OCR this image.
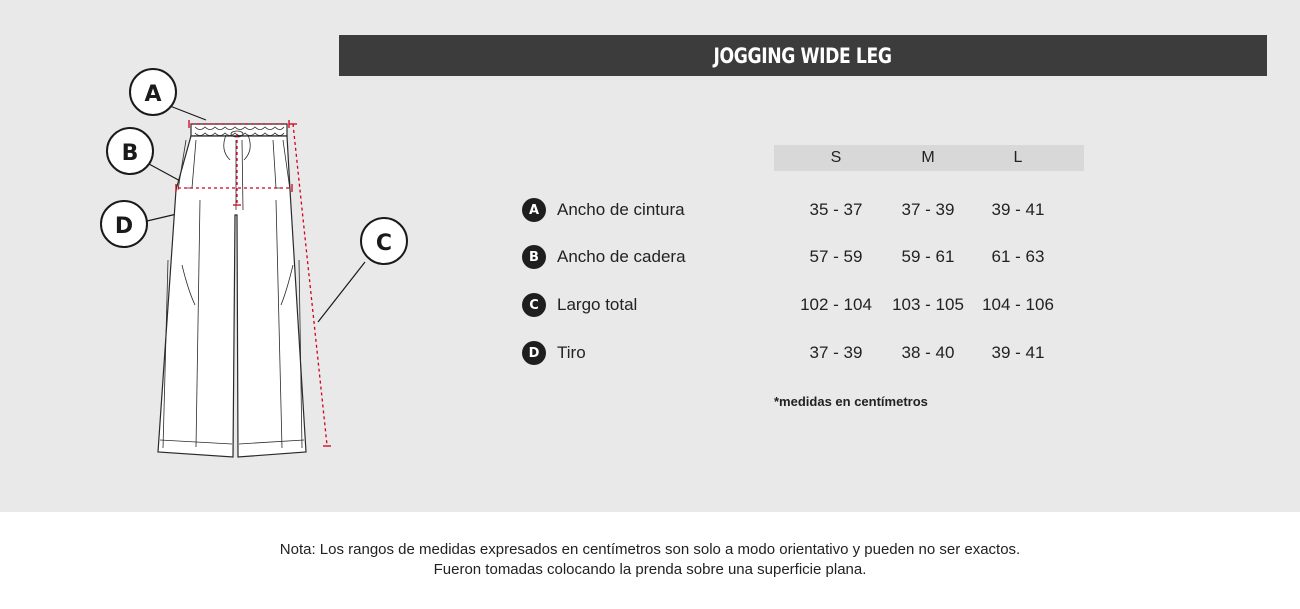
JOGGING WIDE LEG
A
B
D
C
S	M	L
A	Ancho de cintura	35 - 37	37 - 39	39 - 41
B	Ancho de cadera	57 - 59	59 - 61	61 - 63
C	Largo total	102 - 104	103 - 105	104 - 106
D	Tiro	37 - 39	38 - 40	39 - 41
*medidas en centímetros
Nota: Los rangos de medidas expresados en centímetros son solo a modo orientativo y pueden no ser exactos.
Fueron tomadas colocando la prenda sobre una superficie plana.
